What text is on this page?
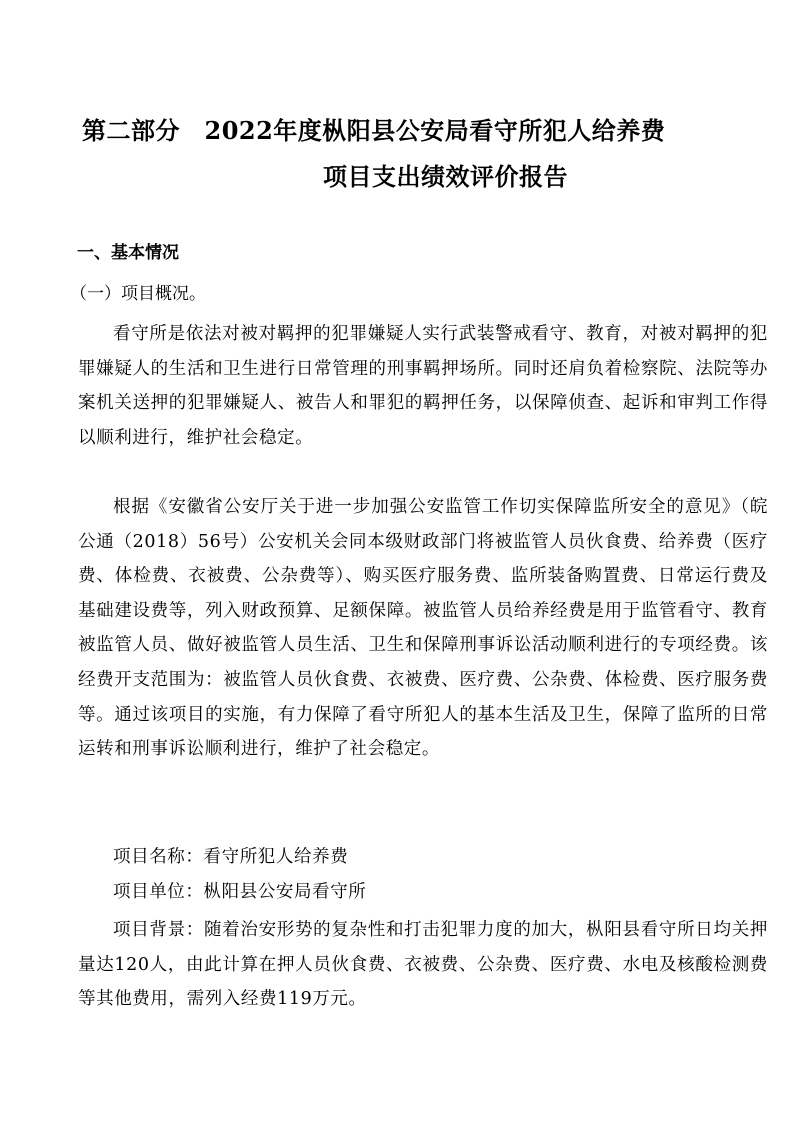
第二部分　2022年度枞阳县公安局看守所犯人给养费
项目支出绩效评价报告
一、基本情况
（一）项目概况。
看守所是依法对被对羁押的犯罪嫌疑人实行武装警戒看守、教育，对被对羁押的犯罪嫌疑人的生活和卫生进行日常管理的刑事羁押场所。同时还肩负着检察院、法院等办案机关送押的犯罪嫌疑人、被告人和罪犯的羁押任务，以保障侦查、起诉和审判工作得以顺利进行，维护社会稳定。
根据《安徽省公安厅关于进一步加强公安监管工作切实保障监所安全的意见》（皖公通（2018）56号）公安机关会同本级财政部门将被监管人员伙食费、给养费（医疗费、体检费、衣被费、公杂费等）、购买医疗服务费、监所装备购置费、日常运行费及基础建设费等，列入财政预算、足额保障。被监管人员给养经费是用于监管看守、教育被监管人员、做好被监管人员生活、卫生和保障刑事诉讼活动顺利进行的专项经费。该经费开支范围为：被监管人员伙食费、衣被费、医疗费、公杂费、体检费、医疗服务费等。通过该项目的实施，有力保障了看守所犯人的基本生活及卫生，保障了监所的日常运转和刑事诉讼顺利进行，维护了社会稳定。
项目名称：看守所犯人给养费
项目单位：枞阳县公安局看守所
项目背景：随着治安形势的复杂性和打击犯罪力度的加大，枞阳县看守所日均关押量达120人，由此计算在押人员伙食费、衣被费、公杂费、医疗费、水电及核酸检测费等其他费用，需列入经费119万元。
